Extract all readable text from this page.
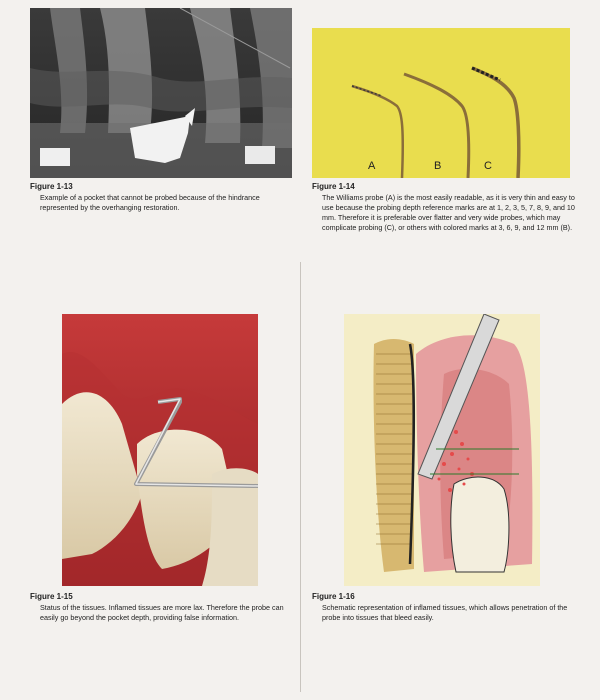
Figure 1-13
Example of a pocket that cannot be probed because of the hindrance represented by the overhanging restoration.
A	B	C
Figure 1-14
The Williams probe (A) is the most easily readable, as it is very thin and easy to use because the probing depth reference marks are at 1, 2, 3, 5, 7, 8, 9, and 10 mm. Therefore it is preferable over flatter and very wide probes, which may complicate probing (C), or others with colored marks at 3, 6, 9, and 12 mm (B).
Figure 1-15
Status of the tissues. Inflamed tissues are more lax. Therefore the probe can easily go beyond the pocket depth, providing false information.
Figure 1-16
Schematic representation of inflamed tissues, which allows penetration of the probe into tissues that bleed easily.
